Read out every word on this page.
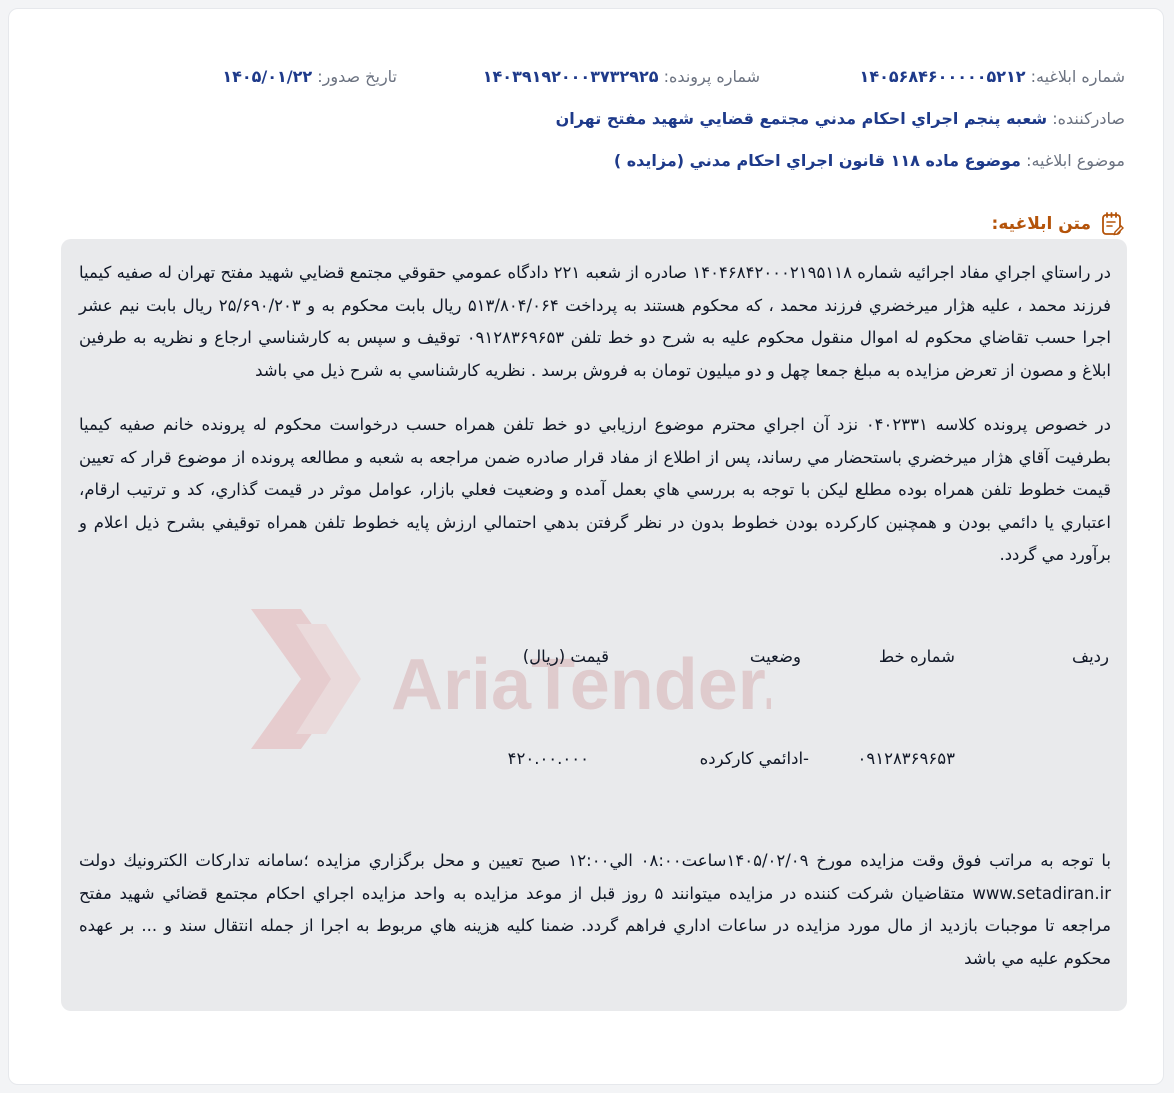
شماره ابلاغیه: ۱۴۰۵۶۸۴۶۰۰۰۰۰۵۲۱۲
شماره پرونده: ۱۴۰۳۹۱۹۲۰۰۰۳۷۳۲۹۲۵
تاریخ صدور: ۱۴۰۵/۰۱/۲۲
صادرکننده: شعبه پنجم اجراي احكام مدني مجتمع قضايي شهيد مفتح تهران
موضوع ابلاغیه: موضوع ماده ۱۱۸ قانون اجراي احكام مدني (مزايده )
متن ابلاغیه:
AriaTender

در راستاي اجراي مفاد اجرائيه شماره ۱۴۰۴۶۸۴۲۰۰۰۲۱۹۵۱۱۸ صادره از شعبه ۲۲۱ دادگاه عمومي حقوقي مجتمع قضايي شهيد مفتح تهران له صفيه كيميا فرزند محمد ، عليه هژار ميرخضري فرزند محمد ، كه محكوم هستند به پرداخت ۵۱۳/۸۰۴/۰۶۴ ريال بابت محكوم به و ۲۵/۶۹۰/۲۰۳ ريال بابت نيم عشر اجرا حسب تقاضاي محكوم له اموال منقول محكوم عليه به شرح دو خط تلفن ۰۹۱۲۸۳۶۹۶۵۳ توقيف و سپس به كارشناسي ارجاع و نظريه به طرفين ابلاغ و مصون از تعرض مزايده به مبلغ جمعا چهل و دو ميليون تومان به فروش برسد . نظريه كارشناسي به شرح ذيل مي باشد

در خصوص پرونده كلاسه ۰۴۰۲۳۳۱ نزد آن اجراي محترم موضوع ارزيابي دو خط تلفن همراه حسب درخواست محكوم له پرونده خانم صفيه كيميا بطرفيت آقاي هژار ميرخضري باستحضار مي رساند، پس از اطلاع از مفاد قرار صادره ضمن مراجعه به شعبه و مطالعه پرونده از موضوع قرار كه تعيين قيمت خطوط تلفن همراه بوده مطلع ليكن با توجه به بررسي هاي بعمل آمده و وضعيت فعلي بازار، عوامل موثر در قيمت گذاري، كد و ترتيب ارقام، اعتباري يا دائمي بودن و همچنين كاركرده بودن خطوط بدون در نظر گرفتن بدهي احتمالي ارزش پايه خطوط تلفن همراه توقيفي بشرح ذيل اعلام و برآورد مي گردد.

رديف
شماره خط
وضعيت
قيمت (ريال)
۰۹۱۲۸۳۶۹۶۵۳
-ادائمي كاركرده
۴۲۰.۰۰.۰۰۰

با توجه به مراتب فوق وقت مزايده مورخ ۱۴۰۵/۰۲/۰۹ساعت۰۸:۰۰ الي۱۲:۰۰ صبح تعيين و محل برگزاري مزايده ؛سامانه تداركات الكترونيك دولت www.setadiran.ir متقاضيان شركت كننده در مزايده ميتوانند ۵ روز قبل از موعد مزايده به واحد مزايده اجراي احكام مجتمع قضائي شهيد مفتح مراجعه تا موجبات بازديد از مال مورد مزايده در ساعات اداري فراهم گردد. ضمنا كليه هزينه هاي مربوط به اجرا از جمله انتقال سند و ... بر عهده محكوم عليه مي باشد
